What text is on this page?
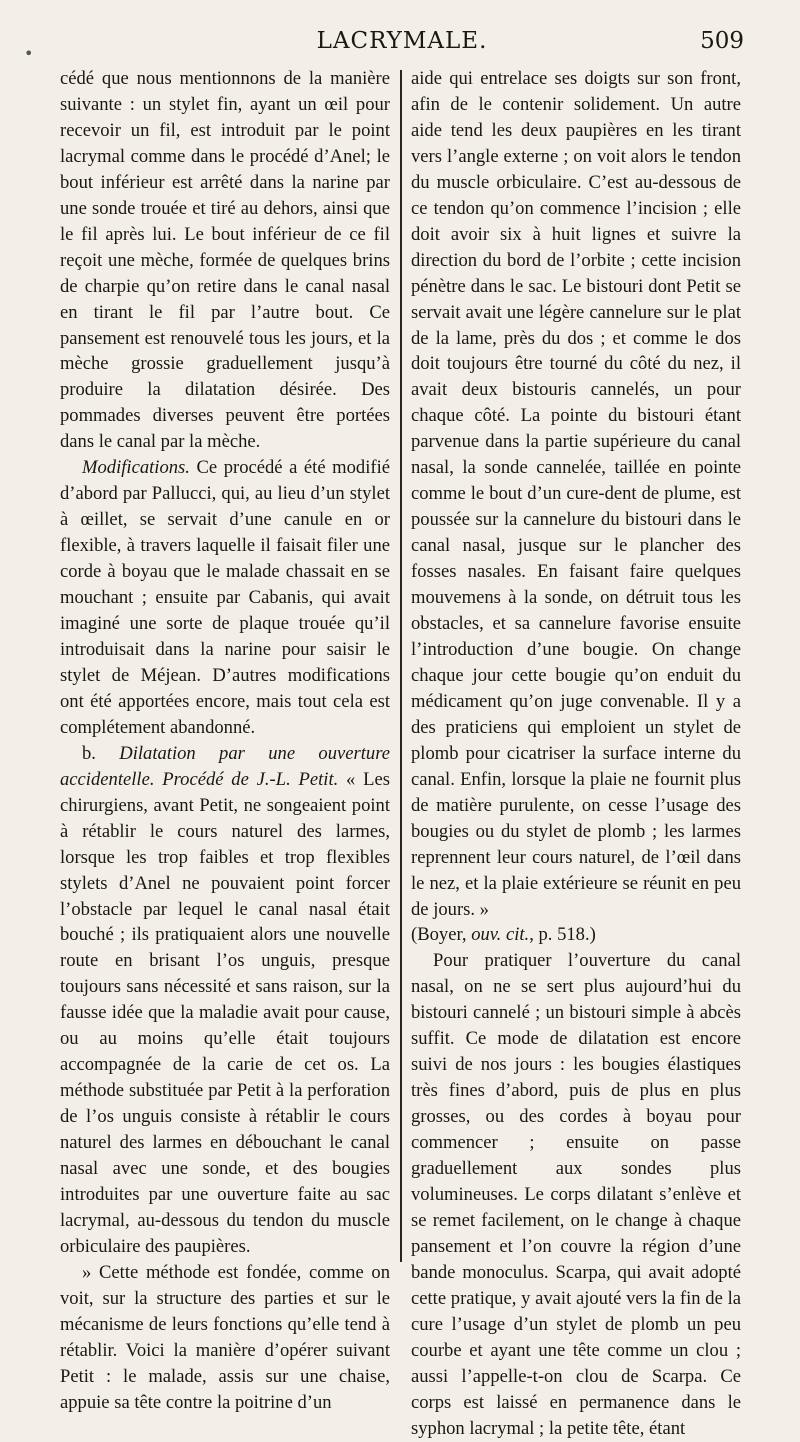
•	LACRYMALE.	509

cédé que nous mentionnons de la manière suivante : un stylet fin, ayant un œil pour recevoir un fil, est introduit par le point lacrymal comme dans le procédé d’Anel; le bout inférieur est arrêté dans la narine par une sonde trouée et tiré au dehors, ainsi que le fil après lui. Le bout inférieur de ce fil reçoit une mèche, formée de quelques brins de charpie qu’on retire dans le canal nasal en tirant le fil par l’autre bout. Ce pansement est renouvelé tous les jours, et la mèche grossie graduellement jusqu’à produire la dilatation désirée. Des pommades diverses peuvent être portées dans le canal par la mèche.

Modifications. Ce procédé a été modifié d’abord par Pallucci, qui, au lieu d’un stylet à œillet, se servait d’une canule en or flexible, à travers laquelle il faisait filer une corde à boyau que le malade chassait en se mouchant ; ensuite par Cabanis, qui avait imaginé une sorte de plaque trouée qu’il introduisait dans la narine pour saisir le stylet de Méjean. D’autres modifications ont été apportées encore, mais tout cela est complétement abandonné.

b. Dilatation par une ouverture accidentelle. Procédé de J.-L. Petit. « Les chirurgiens, avant Petit, ne songeaient point à rétablir le cours naturel des larmes, lorsque les trop faibles et trop flexibles stylets d’Anel ne pouvaient point forcer l’obstacle par lequel le canal nasal était bouché ; ils pratiquaient alors une nouvelle route en brisant l’os unguis, presque toujours sans nécessité et sans raison, sur la fausse idée que la maladie avait pour cause, ou au moins qu’elle était toujours accompagnée de la carie de cet os. La méthode substituée par Petit à la perforation de l’os unguis consiste à rétablir le cours naturel des larmes en débouchant le canal nasal avec une sonde, et des bougies introduites par une ouverture faite au sac lacrymal, au-dessous du tendon du muscle orbiculaire des paupières.

» Cette méthode est fondée, comme on voit, sur la structure des parties et sur le mécanisme de leurs fonctions qu’elle tend à rétablir. Voici la manière d’opérer suivant Petit : le malade, assis sur une chaise, appuie sa tête contre la poitrine d’un

aide qui entrelace ses doigts sur son front, afin de le contenir solidement. Un autre aide tend les deux paupières en les tirant vers l’angle externe ; on voit alors le tendon du muscle orbiculaire. C’est au-dessous de ce tendon qu’on commence l’incision ; elle doit avoir six à huit lignes et suivre la direction du bord de l’orbite ; cette incision pénètre dans le sac. Le bistouri dont Petit se servait avait une légère cannelure sur le plat de la lame, près du dos ; et comme le dos doit toujours être tourné du côté du nez, il avait deux bistouris cannelés, un pour chaque côté. La pointe du bistouri étant parvenue dans la partie supérieure du canal nasal, la sonde cannelée, taillée en pointe comme le bout d’un cure-dent de plume, est poussée sur la cannelure du bistouri dans le canal nasal, jusque sur le plancher des fosses nasales. En faisant faire quelques mouvemens à la sonde, on détruit tous les obstacles, et sa cannelure favorise ensuite l’introduction d’une bougie. On change chaque jour cette bougie qu’on enduit du médicament qu’on juge convenable. Il y a des praticiens qui emploient un stylet de plomb pour cicatriser la surface interne du canal. Enfin, lorsque la plaie ne fournit plus de matière purulente, on cesse l’usage des bougies ou du stylet de plomb ; les larmes reprennent leur cours naturel, de l’œil dans le nez, et la plaie extérieure se réunit en peu de jours. »
(Boyer, ouv. cit., p. 518.)

Pour pratiquer l’ouverture du canal nasal, on ne se sert plus aujourd’hui du bistouri cannelé ; un bistouri simple à abcès suffit. Ce mode de dilatation est encore suivi de nos jours : les bougies élastiques très fines d’abord, puis de plus en plus grosses, ou des cordes à boyau pour commencer ; ensuite on passe graduellement aux sondes plus volumineuses. Le corps dilatant s’enlève et se remet facilement, on le change à chaque pansement et l’on couvre la région d’une bande monoculus. Scarpa, qui avait adopté cette pratique, y avait ajouté vers la fin de la cure l’usage d’un stylet de plomb un peu courbe et ayant une tête comme un clou ; aussi l’appelle-t-on clou de Scarpa. Ce corps est laissé en permanence dans le syphon lacrymal ; la petite tête, étant
